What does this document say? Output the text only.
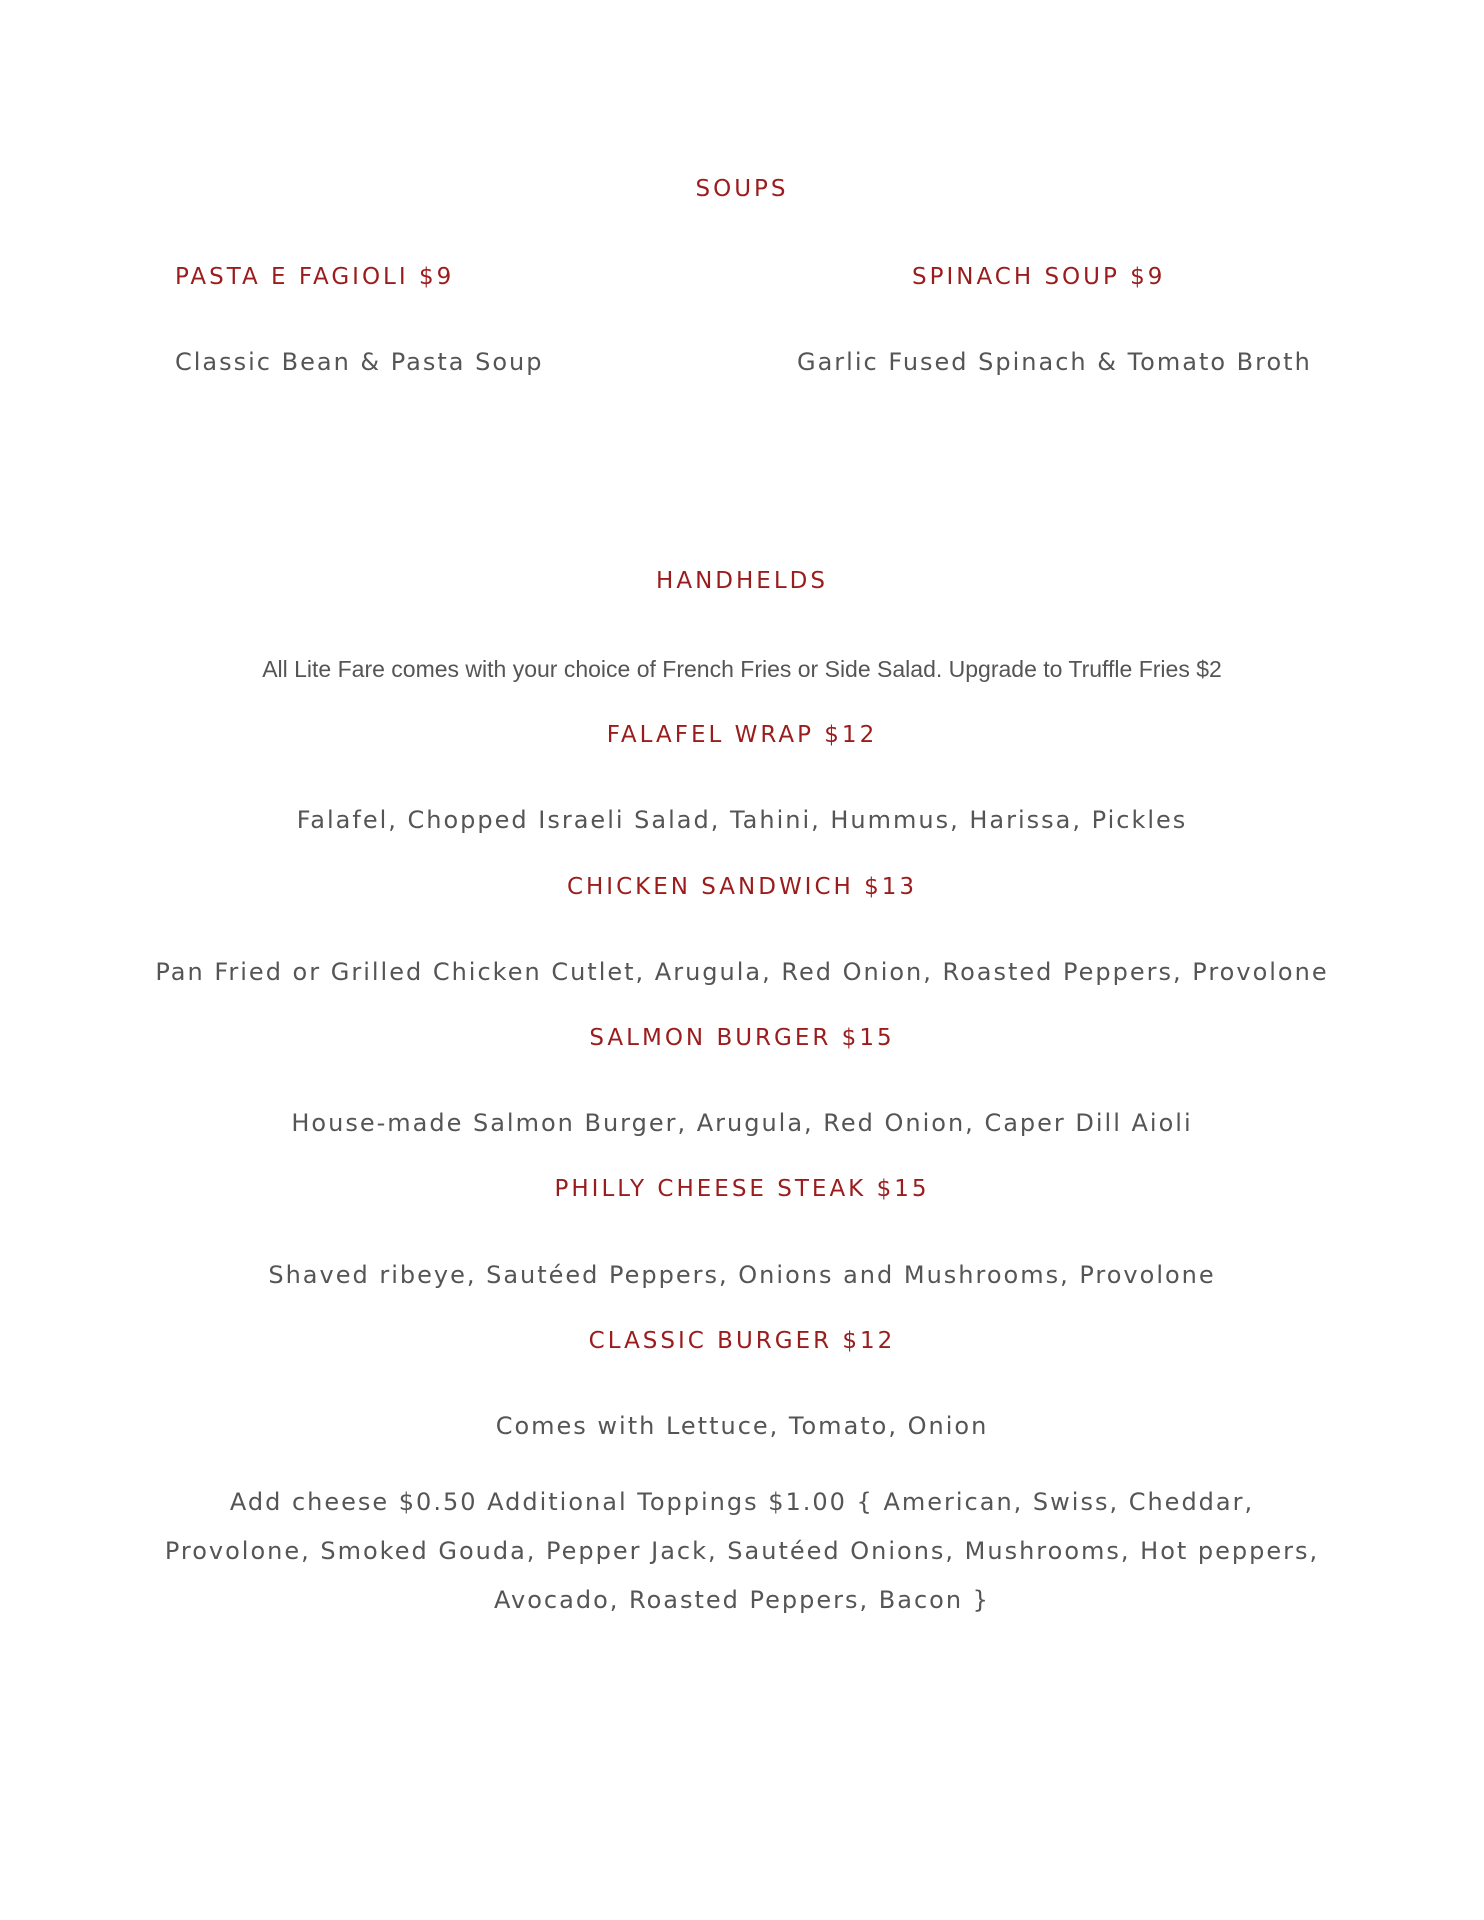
SOUPS
PASTA E FAGIOLI $9
Classic Bean & Pasta Soup
SPINACH SOUP $9
Garlic Fused Spinach & Tomato Broth
HANDHELDS
All Lite Fare comes with your choice of French Fries or Side Salad. Upgrade to Truffle Fries $2
FALAFEL WRAP $12
Falafel, Chopped Israeli Salad, Tahini, Hummus, Harissa, Pickles
CHICKEN SANDWICH $13
Pan Fried or Grilled Chicken Cutlet, Arugula, Red Onion, Roasted Peppers, Provolone
SALMON BURGER $15
House-made Salmon Burger, Arugula, Red Onion, Caper Dill Aioli
PHILLY CHEESE STEAK $15
Shaved ribeye, Sautéed Peppers, Onions and Mushrooms, Provolone
CLASSIC BURGER $12
Comes with Lettuce, Tomato, Onion
Add cheese $0.50 Additional Toppings $1.00 { American, Swiss, Cheddar, Provolone, Smoked Gouda, Pepper Jack, Sautéed Onions, Mushrooms, Hot peppers, Avocado, Roasted Peppers, Bacon }
